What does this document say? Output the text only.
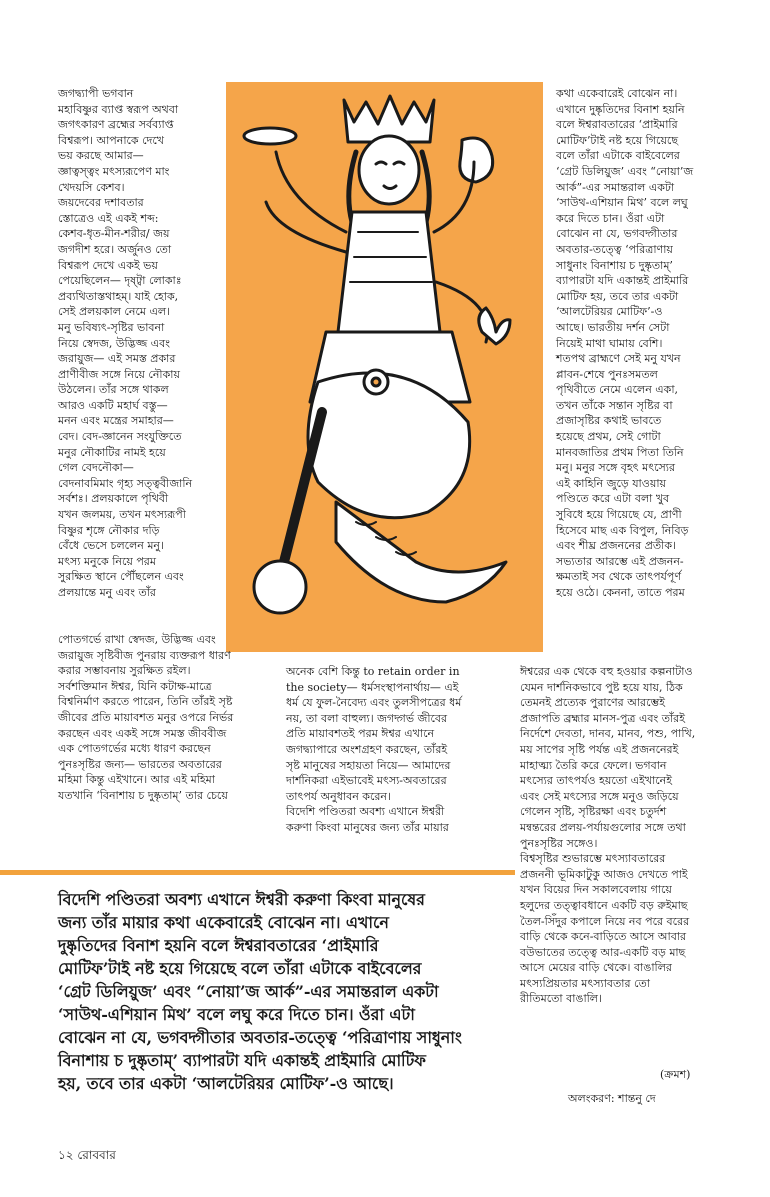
জগদ্ব্যাপী ভগবান
মহাবিষ্ণুর ব্যাপ্ত স্বরূপ অথবা
জগৎকারণ ব্রহ্মের সর্বব্যাপ্ত
বিশ্বরূপ। আপনাকে দেখে
ভয় করছে আমার—
জ্ঞাত্বস্ত্বং মৎস্যরূপেণ মাং
খেদয়সি কেশব।
জয়দেবের দশাবতার
স্তোত্রেও এই একই শব্দ:
কেশব-ধৃত-মীন-শরীর/ জয়
জগদীশ হরে। অর্জুনও তো
বিশ্বরূপ দেখে একই ভয়
পেয়েছিলেন— দৃষ্ট্বা লোকাঃ
প্রব্যথিতাস্তথাহম্। যাই হোক,
সেই প্রলয়কাল নেমে এল।
মনু ভবিষ্যৎ-সৃষ্টির ভাবনা
নিয়ে স্বেদজ, উদ্ভিজ্জ এবং
জরায়ুজ— এই সমস্ত প্রকার
প্রাণীবীজ সঙ্গে নিয়ে নৌকায়
উঠলেন। তাঁর সঙ্গে থাকল
আরও একটি মহার্ঘ বস্তু—
মনন এবং মন্ত্রের সমাহার—
বেদ। বেদ-জ্ঞানেন সংযুক্তিতে
মনুর নৌকাটির নামই হয়ে
গেল বেদনৌকা—
বেদনাবমিমাং গৃহ্য সত্ত্ববীজানি
সর্বশঃ। প্রলয়কালে পৃথিবী
যখন জলময়, তখন মৎস্যরূপী
বিষ্ণুর শৃঙ্গে নৌকার দড়ি
বেঁধে ভেসে চললেন মনু।
মৎস্য মনুকে নিয়ে পরম
সুরক্ষিত স্থানে পৌঁছলেন এবং
প্রলয়ান্তে মনু এবং তাঁর
পোতগর্ভে রাখা স্বেদজ, উদ্ভিজ্জ এবং
জরায়ুজ সৃষ্টিবীজ পুনরায় ব্যক্তরূপ ধারণ
করার সম্ভাবনায় সুরক্ষিত রইল।
সর্বশক্তিমান ঈশ্বর, যিনি কটাক্ষ-মাত্রে
বিশ্বনির্মাণ করতে পারেন, তিনি তাঁরই সৃষ্ট
জীবের প্রতি মায়াবশত মনুর ওপরে নির্ভর
করছেন এবং একই সঙ্গে সমস্ত জীববীজ
এক পোতগর্ভের মধ্যে ধারণ করছেন
পুনঃসৃষ্টির জন্য— ভারতের অবতারের
মহিমা কিন্তু এইখানে। আর এই মহিমা
যতখানি ‘বিনাশায় চ দুষ্কৃতাম্’ তার চেয়ে
অনেক বেশি কিন্তু to retain order in
the society— ধর্মসংস্থাপনার্থায়— এই
ধর্ম যে ফুল-নৈবেদ্য এবং তুলসীপত্রের ধর্ম
নয়, তা বলা বাহুল্য। জগদ্গর্ভ জীবের
প্রতি মায়াবশতই পরম ঈশ্বর এখানে
জগদ্ব্যাপারে অংশগ্রহণ করছেন, তাঁরই
সৃষ্ট মানুষের সহায়তা নিয়ে— আমাদের
দার্শনিকরা এইভাবেই মৎস্য-অবতারের
তাৎপর্য অনুধাবন করেন।
বিদেশি পণ্ডিতরা অবশ্য এখানে ঈশ্বরী
করুণা কিংবা মানুষের জন্য তাঁর মায়ার
কথা একেবারেই বোঝেন না।
এখানে দুষ্কৃতিদের বিনাশ হয়নি
বলে ঈশ্বরাবতারের ‘প্রাইমারি
মোটিফ’টাই নষ্ট হয়ে গিয়েছে
বলে তাঁরা এটাকে বাইবেলের
‘গ্রেট ডিলিয়ুজ’ এবং “নোয়া’জ
আর্ক”-এর সমান্তরাল একটা
‘সাউথ-এশিয়ান মিথ’ বলে লঘু
করে দিতে চান। ওঁরা এটা
বোঝেন না যে, ভগবদ্গীতার
অবতার-তত্ত্বে ‘পরিত্রাণায়
সাধুনাং বিনাশায় চ দুষ্কৃতাম্’
ব্যাপারটা যদি একান্তই প্রাইমারি
মোটিফ হয়, তবে তার একটা
‘আলটেরিয়র মোটিফ’-ও
আছে। ভারতীয় দর্শন সেটা
নিয়েই মাথা ঘামায় বেশি।
শতপথ ব্রাহ্মণে সেই মনু যখন
প্লাবন-শেষে পুনঃসমতল
পৃথিবীতে নেমে এলেন একা,
তখন তাঁকে সন্তান সৃষ্টির বা
প্রজাসৃষ্টির কথাই ভাবতে
হয়েছে প্রথম, সেই গোটা
মানবজাতির প্রথম পিতা তিনি
মনু। মনুর সঙ্গে বৃহৎ মৎস্যের
এই কাহিনি জুড়ে যাওয়ায়
পণ্ডিতে করে এটা বলা খুব
সুবিধে হয়ে গিয়েছে যে, প্রাণী
হিসেবে মাছ এক বিপুল, নিবিড়
এবং শীঘ্র প্রজননের প্রতীক।
সভ্যতার আরম্ভে এই প্রজনন-
ক্ষমতাই সব থেকে তাৎপর্যপূর্ণ
হয়ে ওঠে। কেননা, তাতে পরম
ঈশ্বরের এক থেকে বহু হওয়ার কল্পনাটাও
যেমন দার্শনিকভাবে পুষ্ট হয়ে যায়, ঠিক
তেমনই প্রত্যেক পুরাণের আরম্ভেই
প্রজাপতি ব্রহ্মার মানস-পুত্র এবং তাঁরই
নির্দেশে দেবতা, দানব, মানব, পশু, পাখি,
ময় সাপের সৃষ্টি পর্যন্ত এই প্রজননেরই
মাহাত্ম্য তৈরি করে ফেলে। ভগবান
মৎস্যের তাৎপর্যও হয়তো এইখানেই
এবং সেই মৎস্যের সঙ্গে মনুও জড়িয়ে
গেলেন সৃষ্টি, সৃষ্টিরক্ষা এবং চতুর্দশ
মন্বন্তরের প্রলয়-পর্যায়গুলোর সঙ্গে তথা
পুনঃসৃষ্টির সঙ্গেও।
বিশ্বসৃষ্টির শুভারম্ভে মৎস্যাবতারের
প্রজননী ভূমিকাটুকু আজও দেখতে পাই
যখন বিয়ের দিন সকালবেলায় গায়ে
হলুদের তত্ত্বাবধানে একটি বড় রুইমাছ
তৈল-সিঁদুর কপালে নিয়ে নব পরে বরের
বাড়ি থেকে কনে-বাড়িতে আসে আবার
বউভাতের তত্ত্বে আর-একটি বড় মাছ
আসে মেয়ের বাড়ি থেকে। বাঙালির
মৎস্যপ্রিয়তার মৎস্যাবতার তো
রীতিমতো বাঙালি।
বিদেশি পণ্ডিতরা অবশ্য এখানে ঈশ্বরী করুণা কিংবা মানুষের
জন্য তাঁর মায়ার কথা একেবারেই বোঝেন না। এখানে
দুষ্কৃতিদের বিনাশ হয়নি বলে ঈশ্বরাবতারের ‘প্রাইমারি
মোটিফ’টাই নষ্ট হয়ে গিয়েছে বলে তাঁরা এটাকে বাইবেলের
‘গ্রেট ডিলিয়ুজ’ এবং “নোয়া’জ আর্ক”-এর সমান্তরাল একটা
‘সাউথ-এশিয়ান মিথ’ বলে লঘু করে দিতে চান। ওঁরা এটা
বোঝেন না যে, ভগবদ্গীতার অবতার-তত্ত্বে ‘পরিত্রাণায় সাধুনাং
বিনাশায় চ দুষ্কৃতাম্’ ব্যাপারটা যদি একান্তই প্রাইমারি মোটিফ
হয়, তবে তার একটা ‘আলটেরিয়র মোটিফ’-ও আছে।	(ক্রমশ)
অলংকরণ: শান্তনু দে
১২ রোববার
